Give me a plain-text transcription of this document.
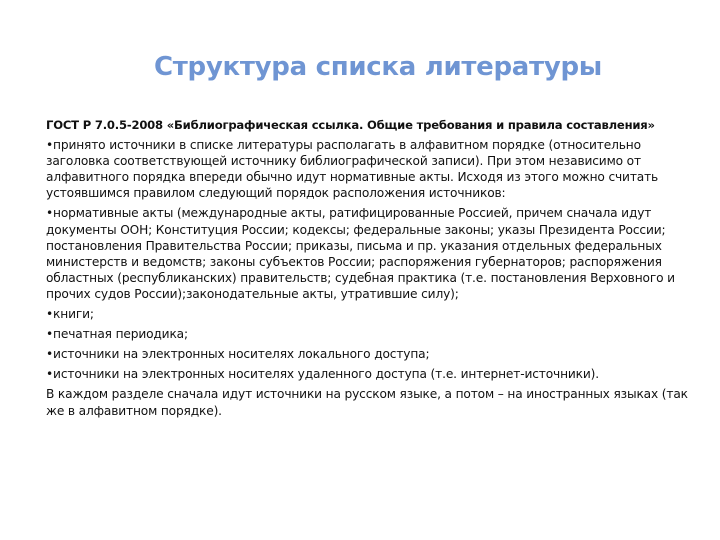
Структура списка литературы

ГОСТ Р 7.0.5-2008 «Библиографическая ссылка. Общие требования и правила составления»

• принято источники в списке литературы располагать в алфавитном порядке (относительно заголовка соответствующей источнику библиографической записи). При этом независимо от алфавитного порядка впереди обычно идут нормативные акты. Исходя из этого можно считать устоявшимся правилом следующий порядок расположения источников:

• нормативные акты (международные акты, ратифицированные Россией, причем сначала идут документы ООН; Конституция России; кодексы; федеральные законы; указы Президента России; постановления Правительства России; приказы, письма и пр. указания отдельных федеральных министерств и ведомств; законы субъектов России; распоряжения губернаторов; распоряжения областных (республиканских) правительств; судебная практика (т.е. постановления Верховного и прочих судов России);законодательные акты, утратившие силу);

• книги;

• печатная периодика;

• источники на электронных носителях локального доступа;

• источники на электронных носителях удаленного доступа (т.е. интернет-источники).

В каждом разделе сначала идут источники на русском языке, а потом – на иностранных языках (так же в алфавитном порядке).
